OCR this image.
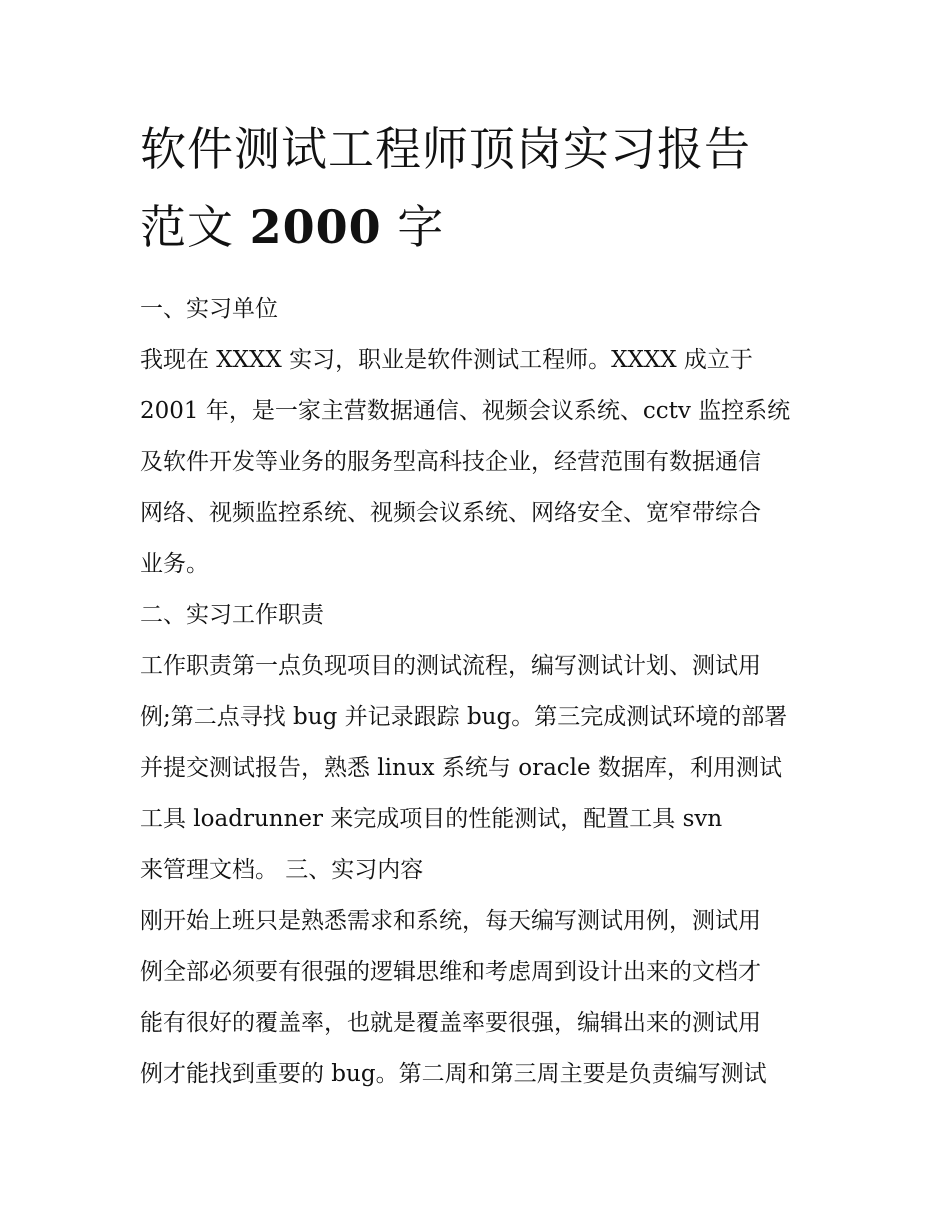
软件测试工程师顶岗实习报告
范文 2000 字
一、实习单位
我现在 XXXX 实习，职业是软件测试工程师。XXXX 成立于
2001 年，是一家主营数据通信、视频会议系统、cctv 监控系统
及软件开发等业务的服务型高科技企业，经营范围有数据通信
网络、视频监控系统、视频会议系统、网络安全、宽窄带综合
业务。
二、实习工作职责
工作职责第一点负现项目的测试流程，编写测试计划、测试用
例;第二点寻找 bug 并记录跟踪 bug。第三完成测试环境的部署
并提交测试报告，熟悉 linux 系统与 oracle 数据库，利用测试
工具 loadrunner 来完成项目的性能测试，配置工具 svn
来管理文档。 三、实习内容
刚开始上班只是熟悉需求和系统，每天编写测试用例，测试用
例全部必须要有很强的逻辑思维和考虑周到设计出来的文档才
能有很好的覆盖率，也就是覆盖率要很强，编辑出来的测试用
例才能找到重要的 bug。第二周和第三周主要是负责编写测试
